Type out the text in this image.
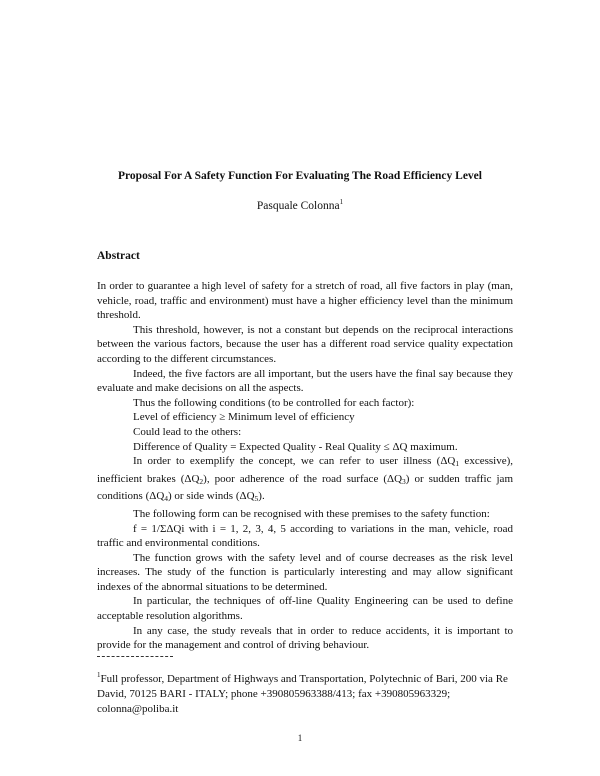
Proposal For A Safety Function For Evaluating The Road Efficiency Level
Pasquale Colonna$^1$
Abstract

In order to guarantee a high level of safety for a stretch of road, all five factors in play (man, vehicle, road, traffic and environment) must have a higher efficiency level than the minimum threshold.

This threshold, however, is not a constant but depends on the reciprocal interactions between the various factors, because the user has a different road service quality expectation according to the different circumstances.

Indeed, the five factors are all important, but the users have the final say because they evaluate and make decisions on all the aspects.

Thus the following conditions (to be controlled for each factor):

Level of efficiency ≥ Minimum level of efficiency

Could lead to the others:

Difference of Quality = Expected Quality - Real Quality ≤ ΔQ maximum.

In order to exemplify the concept, we can refer to user illness ($\Delta Q_1$ excessive), inefficient brakes $(\Delta Q_2)$, poor adherence of the road surface $(\Delta Q_3)$ or sudden traffic jam conditions $(\Delta Q_4)$ or side winds $(\Delta Q_5)$.

The following form can be recognised with these premises to the safety function:

f = 1/ΣΔQi with i = 1, 2, 3, 4, 5 according to variations in the man, vehicle, road traffic and environmental conditions.

The function grows with the safety level and of course decreases as the risk level increases. The study of the function is particularly interesting and may allow significant indexes of the abnormal situations to be determined.

In particular, the techniques of off-line Quality Engineering can be used to define acceptable resolution algorithms.

In any case, the study reveals that in order to reduce accidents, it is important to provide for the management and control of driving behaviour.

$^1$Full professor, Department of Highways and Transportation, Polytechnic of Bari, 200 via Re David, 70125 BARI - ITALY; phone +390805963388/413; fax +390805963329; colonna@poliba.it
1
